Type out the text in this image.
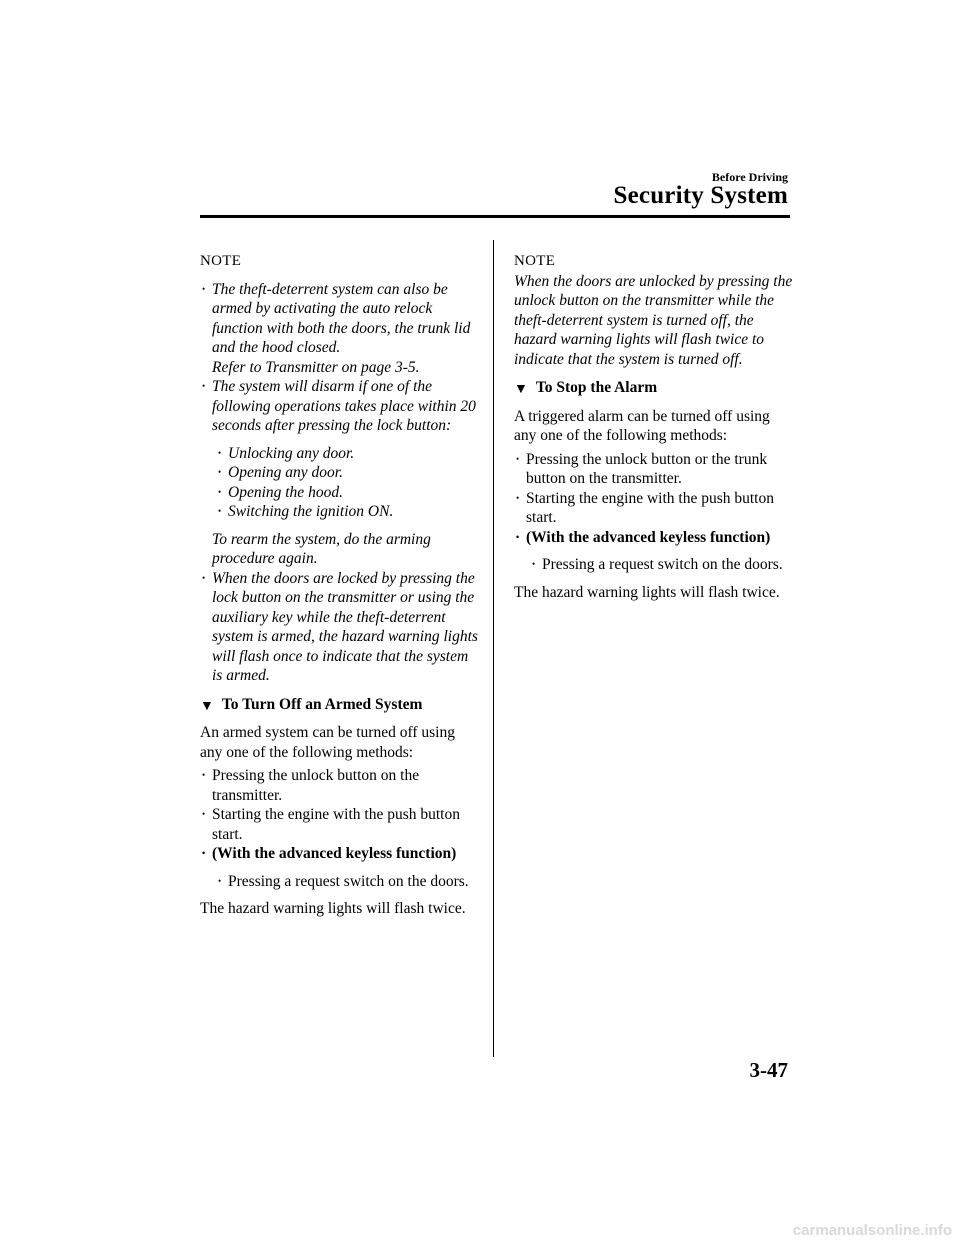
Before Driving
Security System
NOTE
• The theft-deterrent system can also be armed by activating the auto relock function with both the doors, the trunk lid and the hood closed.
Refer to Transmitter on page 3-5.
• The system will disarm if one of the following operations takes place within 20 seconds after pressing the lock button:
• Unlocking any door.
• Opening any door.
• Opening the hood.
• Switching the ignition ON.
To rearm the system, do the arming procedure again.
• When the doors are locked by pressing the lock button on the transmitter or using the auxiliary key while the theft-deterrent system is armed, the hazard warning lights will flash once to indicate that the system is armed.
▼ To Turn Off an Armed System
An armed system can be turned off using any one of the following methods:
• Pressing the unlock button on the transmitter.
• Starting the engine with the push button start.
• (With the advanced keyless function)
• Pressing a request switch on the doors.
The hazard warning lights will flash twice.
NOTE
When the doors are unlocked by pressing the unlock button on the transmitter while the theft-deterrent system is turned off, the hazard warning lights will flash twice to indicate that the system is turned off.
▼ To Stop the Alarm
A triggered alarm can be turned off using any one of the following methods:
• Pressing the unlock button or the trunk button on the transmitter.
• Starting the engine with the push button start.
• (With the advanced keyless function)
• Pressing a request switch on the doors.
The hazard warning lights will flash twice.
3-47
carmanualsonline.info
